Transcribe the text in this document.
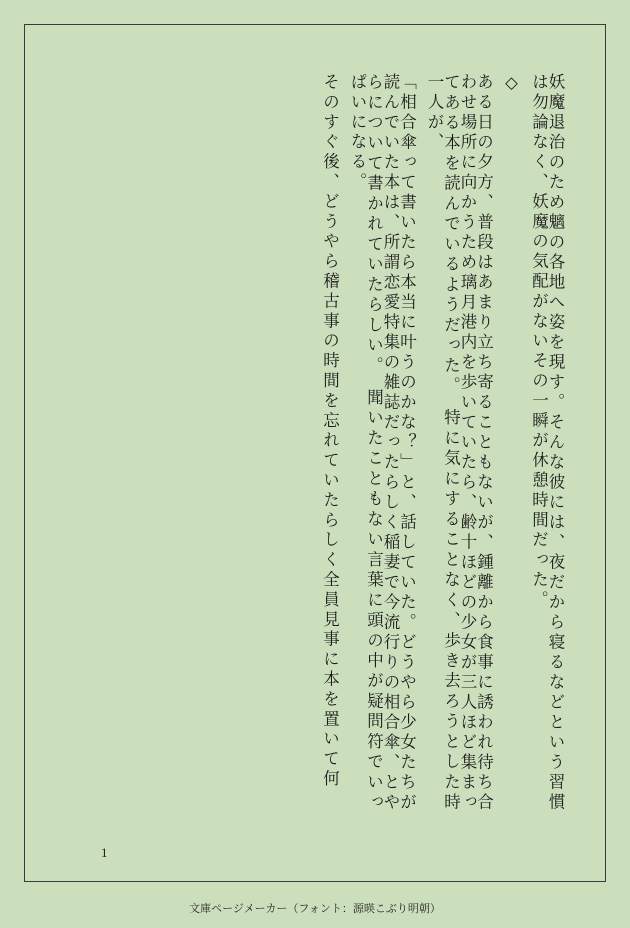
妖魔退治のため魑の各地へ姿を現す。そんな彼には、夜だから寝るなどという習慣は勿論なく、妖魔の気配がないその一瞬が休憩時間だった。
◇
ある日の夕方、普段はあまり立ち寄ることもないが、鍾離から食事に誘われ待ち合わせ場所に向かうため璃月港内を歩いていたら、齢十ほどの少女が三人ほど集まってある本を読んでいるようだった。　特に気にすることなく、歩き去ろうとした時一人が、
「相合傘って書いたら本当に叶うのかな？」と、話していた。どうやら少女たちが読んでいた本は、所謂恋愛特集の雑誌だったらしく稲妻で今流行りの相合傘、とやらについて書かれていたらしい。　聞いたこともない言葉に頭の中が疑問符でいっぱいになる。
そのすぐ後、どうやら稽古事の時間を忘れていたらしく全員見事に本を置いて何
1
文庫ページメーカー（フォント：源暎こぶり明朝）
